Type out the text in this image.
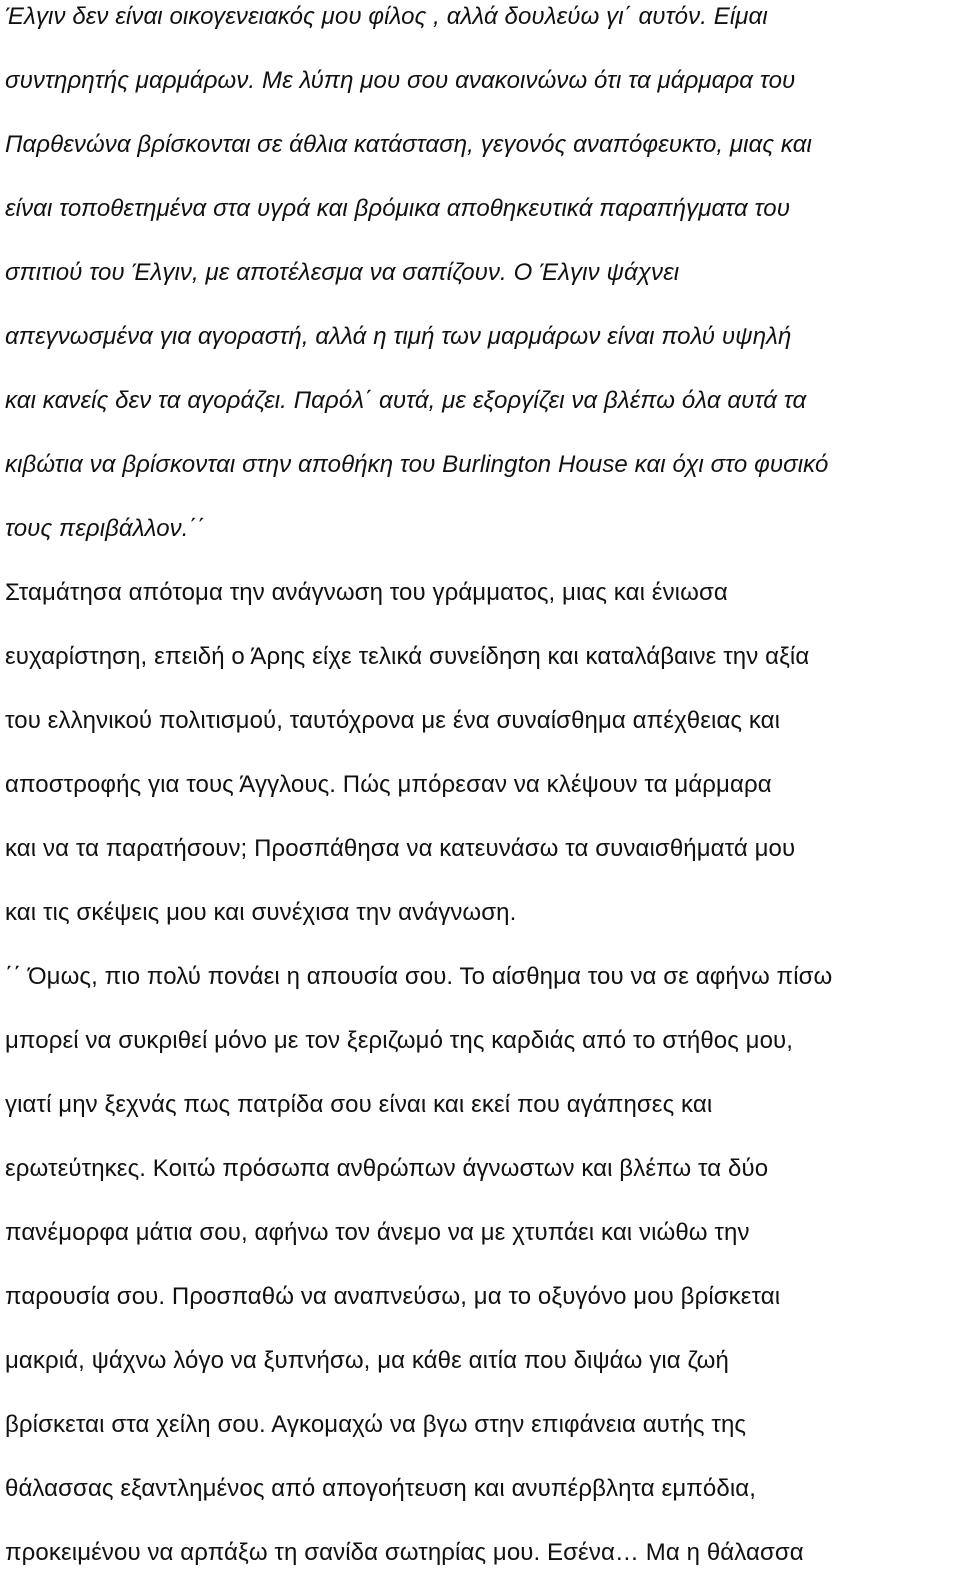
Έλγιν δεν είναι οικογενειακός μου φίλος , αλλά δουλεύω γι΄ αυτόν. Είμαι
συντηρητής μαρμάρων. Με λύπη μου σου ανακοινώνω ότι τα μάρμαρα του
Παρθενώνα βρίσκονται σε άθλια κατάσταση, γεγονός αναπόφευκτο, μιας και
είναι τοποθετημένα στα υγρά και βρόμικα αποθηκευτικά παραπήγματα του
σπιτιού του Έλγιν, με αποτέλεσμα να σαπίζουν. Ο Έλγιν ψάχνει
απεγνωσμένα για αγοραστή, αλλά η τιμή των μαρμάρων είναι πολύ υψηλή
και κανείς δεν τα αγοράζει. Παρόλ΄ αυτά, με εξοργίζει να βλέπω όλα αυτά τα
κιβώτια να βρίσκονται στην αποθήκη του Burlington House και όχι στο φυσικό
τους περιβάλλον.΄΄
Σταμάτησα απότομα την ανάγνωση του γράμματος, μιας και ένιωσα
ευχαρίστηση, επειδή ο Άρης είχε τελικά συνείδηση και καταλάβαινε την αξία
του ελληνικού πολιτισμού, ταυτόχρονα με ένα συναίσθημα απέχθειας και
αποστροφής για τους Άγγλους. Πώς μπόρεσαν να κλέψουν τα μάρμαρα
και να τα παρατήσουν; Προσπάθησα να κατευνάσω τα συναισθήματά μου
και τις σκέψεις μου και συνέχισα την ανάγνωση.
΄΄ Όμως, πιο πολύ πονάει η απουσία σου. Το αίσθημα του να σε αφήνω πίσω
μπορεί να συκριθεί μόνο με τον ξεριζωμό της καρδιάς από το στήθος μου,
γιατί μην ξεχνάς πως πατρίδα σου είναι και εκεί που αγάπησες και
ερωτεύτηκες. Κοιτώ πρόσωπα ανθρώπων άγνωστων και βλέπω τα δύο
πανέμορφα μάτια σου, αφήνω τον άνεμο να με χτυπάει και νιώθω την
παρουσία σου. Προσπαθώ να αναπνεύσω, μα το οξυγόνο μου βρίσκεται
μακριά, ψάχνω λόγο να ξυπνήσω, μα κάθε αιτία που διψάω για ζωή
βρίσκεται στα χείλη σου. Αγκομαχώ να βγω στην επιφάνεια αυτής της
θάλασσας εξαντλημένος από απογοήτευση και ανυπέρβλητα εμπόδια,
προκειμένου να αρπάξω τη σανίδα σωτηρίας μου. Εσένα… Μα η θάλασσα
